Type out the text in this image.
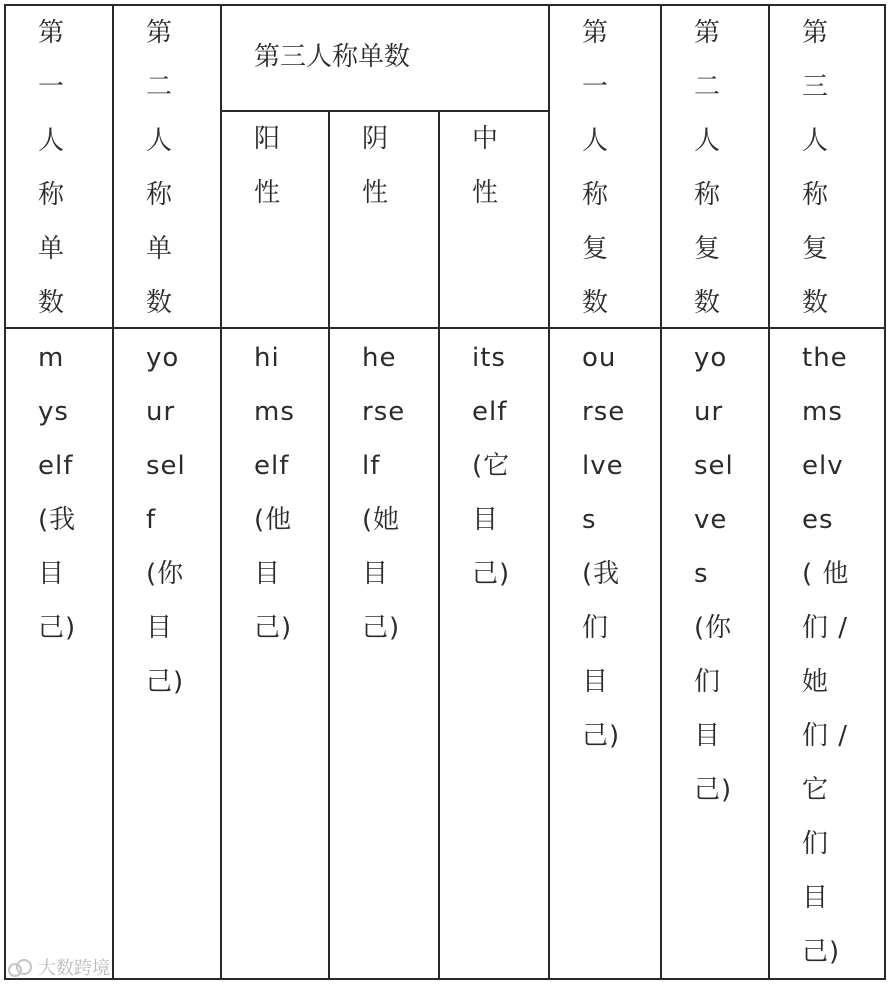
第三人称单数
第
一
人
称
单
数
第
二
人
称
单
数
阳
性
阴
性
中
性
第
一
人
称
复
数
第
二
人
称
复
数
第
三
人
称
复
数
m
ys
elf
(我
目
己)
yo
ur
sel
f
(你
目
己)
hi
ms
elf
(他
目
己)
he
rse
lf
(她
目
己)
its
elf
(它
目
己)
ou
rse
lve
s
(我
们
目
己)
yo
ur
sel
ve
s
(你
们
目
己)
the
ms
elv
es
( 他
们 /
她
们 /
它
们
目
己)
大数跨境
